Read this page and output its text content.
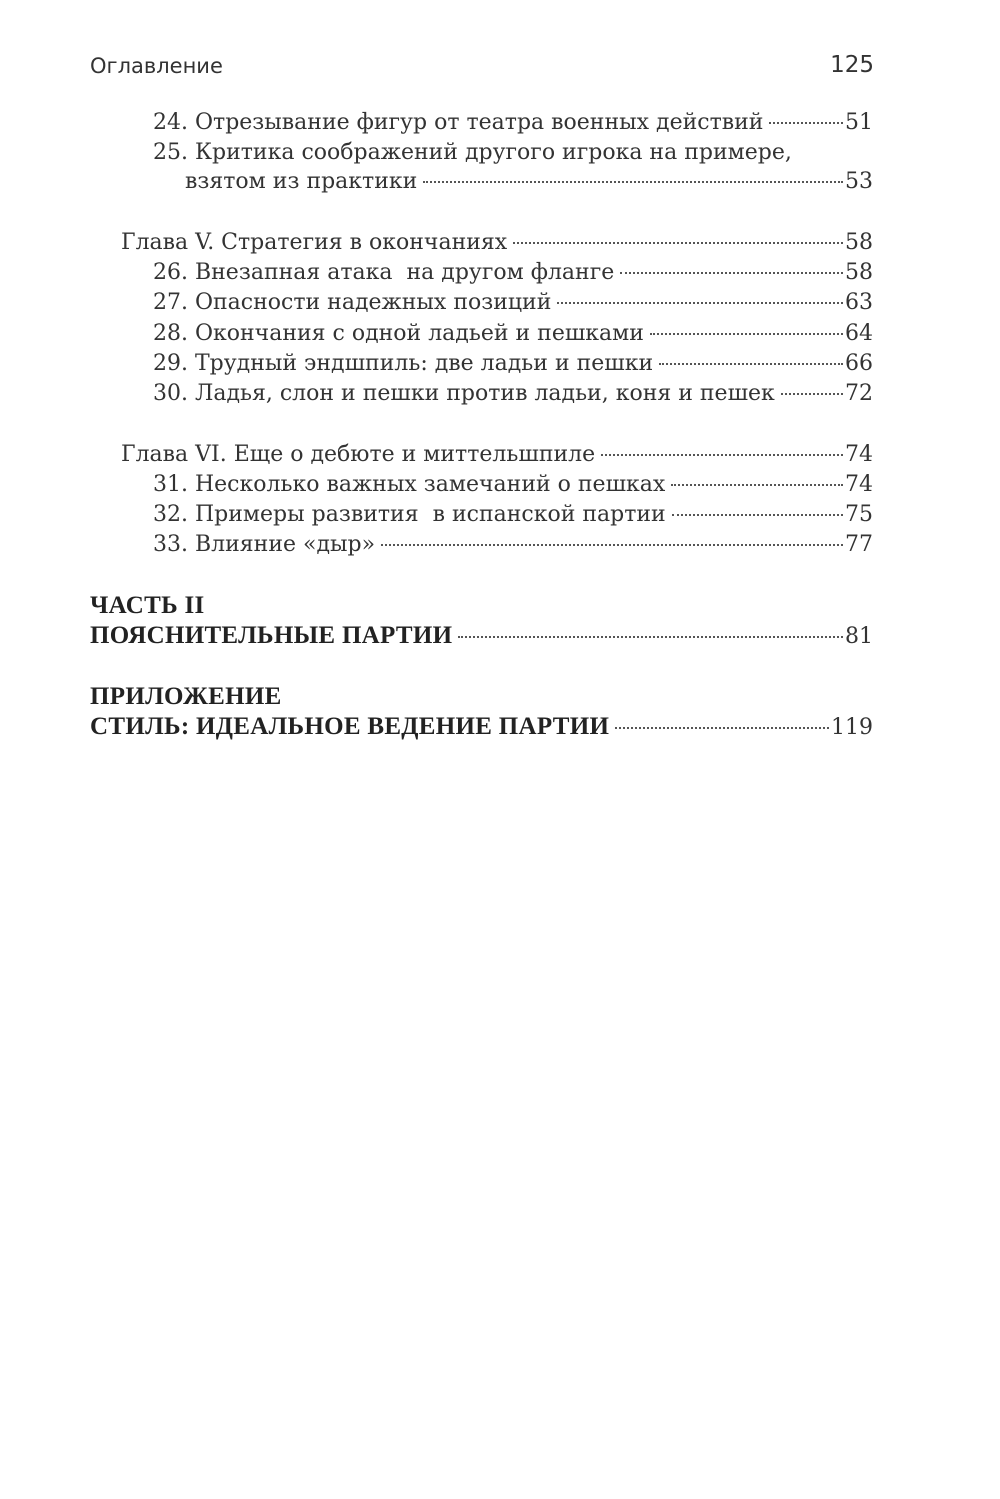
Оглавление	125
24. Отрезывание фигур от театра военных действий	51
25. Критика соображений другого игрока на примере,
взятом из практики	53
Глава V. Стратегия в окончаниях	58
26. Внезапная атака  на другом фланге	58
27. Опасности надежных позиций	63
28. Окончания с одной ладьей и пешками	64
29. Трудный эндшпиль: две ладьи и пешки	66
30. Ладья, слон и пешки против ладьи, коня и пешек	72
Глава VI. Еще о дебюте и миттельшпиле	74
31. Несколько важных замечаний о пешках	74
32. Примеры развития  в испанской партии	75
33. Влияние «дыр»	77
ЧАСТЬ II
ПОЯСНИТЕЛЬНЫЕ ПАРТИИ	81
ПРИЛОЖЕНИЕ
СТИЛЬ: ИДЕАЛЬНОЕ ВЕДЕНИЕ ПАРТИИ	119
